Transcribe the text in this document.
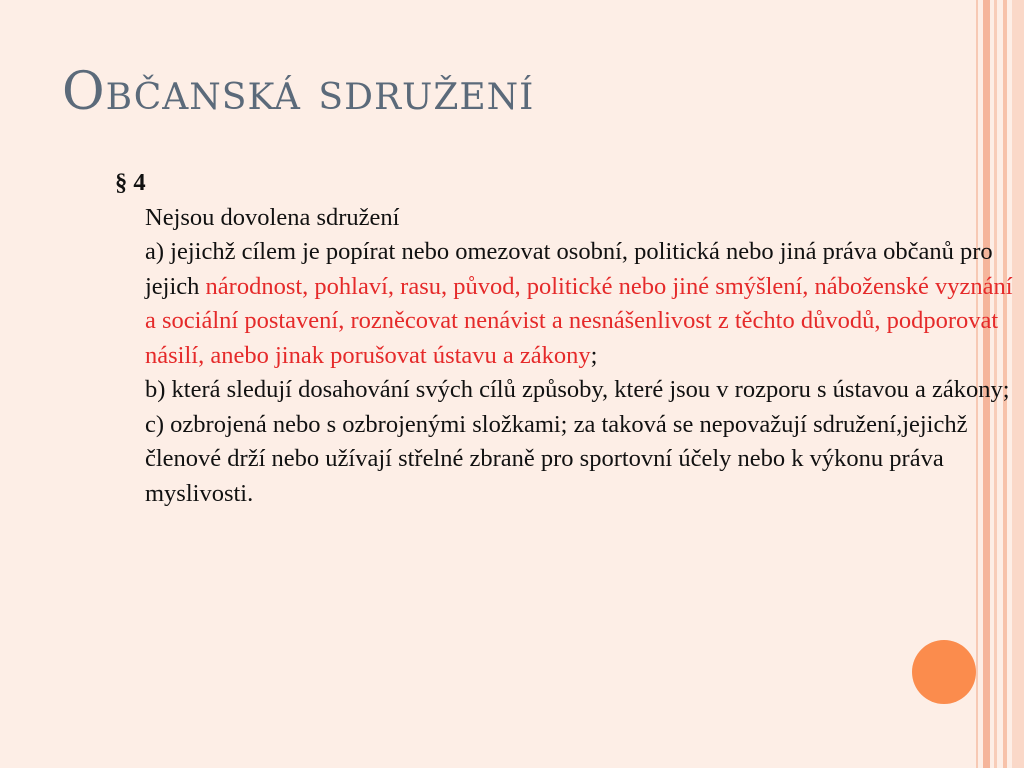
Občanská sdružení
§ 4
Nejsou dovolena sdružení
a) jejichž cílem je popírat nebo omezovat osobní, politická nebo jiná práva občanů pro jejich národnost, pohlaví, rasu, původ, politické nebo jiné smýšlení, náboženské vyznání a sociální postavení, rozněcovat nenávist a nesnášenlivost z těchto důvodů, podporovat násilí, anebo jinak porušovat ústavu a zákony;
b) která sledují dosahování svých cílů způsoby, které jsou v rozporu s ústavou a zákony;
c) ozbrojená nebo s ozbrojenými složkami; za taková se nepovažují sdružení,jejichž členové drží nebo užívají střelné zbraně pro sportovní účely nebo k výkonu práva myslivosti.
